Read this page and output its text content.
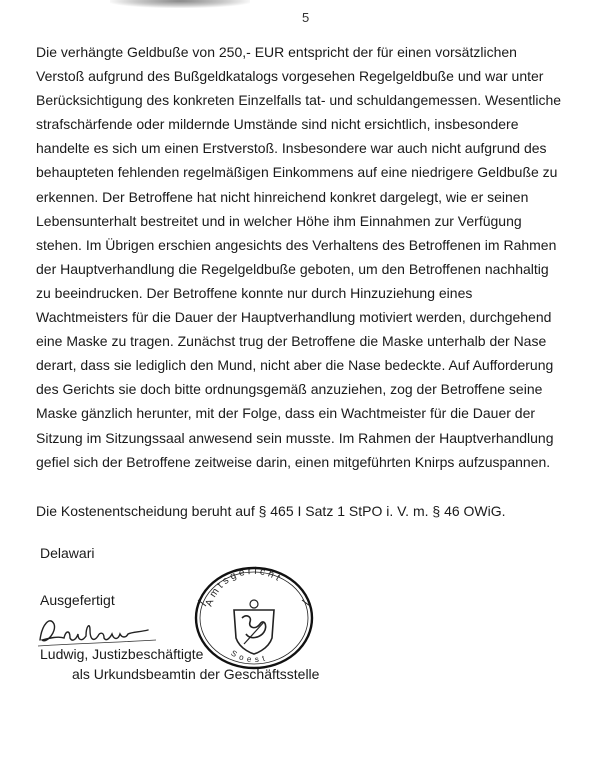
5

Die verhängte Geldbuße von 250,- EUR entspricht der für einen vorsätzlichen
Verstoß aufgrund des Bußgeldkatalogs vorgesehen Regelgeldbuße und war unter
Berücksichtigung des konkreten Einzelfalls tat- und schuldangemessen. Wesentliche
strafschärfende oder mildernde Umstände sind nicht ersichtlich, insbesondere
handelte es sich um einen Erstverstoß. Insbesondere war auch nicht aufgrund des
behaupteten fehlenden regelmäßigen Einkommens auf eine niedrigere Geldbuße zu
erkennen. Der Betroffene hat nicht hinreichend konkret dargelegt, wie er seinen
Lebensunterhalt bestreitet und in welcher Höhe ihm Einnahmen zur Verfügung
stehen. Im Übrigen erschien angesichts des Verhaltens des Betroffenen im Rahmen
der Hauptverhandlung die Regelgeldbuße geboten, um den Betroffenen nachhaltig
zu beeindrucken. Der Betroffene konnte nur durch Hinzuziehung eines
Wachtmeisters für die Dauer der Hauptverhandlung motiviert werden, durchgehend
eine Maske zu tragen. Zunächst trug der Betroffene die Maske unterhalb der Nase
derart, dass sie lediglich den Mund, nicht aber die Nase bedeckte. Auf Aufforderung
des Gerichts sie doch bitte ordnungsgemäß anzuziehen, zog der Betroffene seine
Maske gänzlich herunter, mit der Folge, dass ein Wachtmeister für die Dauer der
Sitzung im Sitzungssaal anwesend sein musste. Im Rahmen der Hauptverhandlung
gefiel sich der Betroffene zeitweise darin, einen mitgeführten Knirps aufzuspannen.

Die Kostenentscheidung beruht auf § 465 I Satz 1 StPO i. V. m. § 46 OWiG.

Delawari

Ausgefertigt

Ludwig, Justizbeschäftigte

als Urkundsbeamtin der Geschäftsstelle

Amtsgericht
Soest
